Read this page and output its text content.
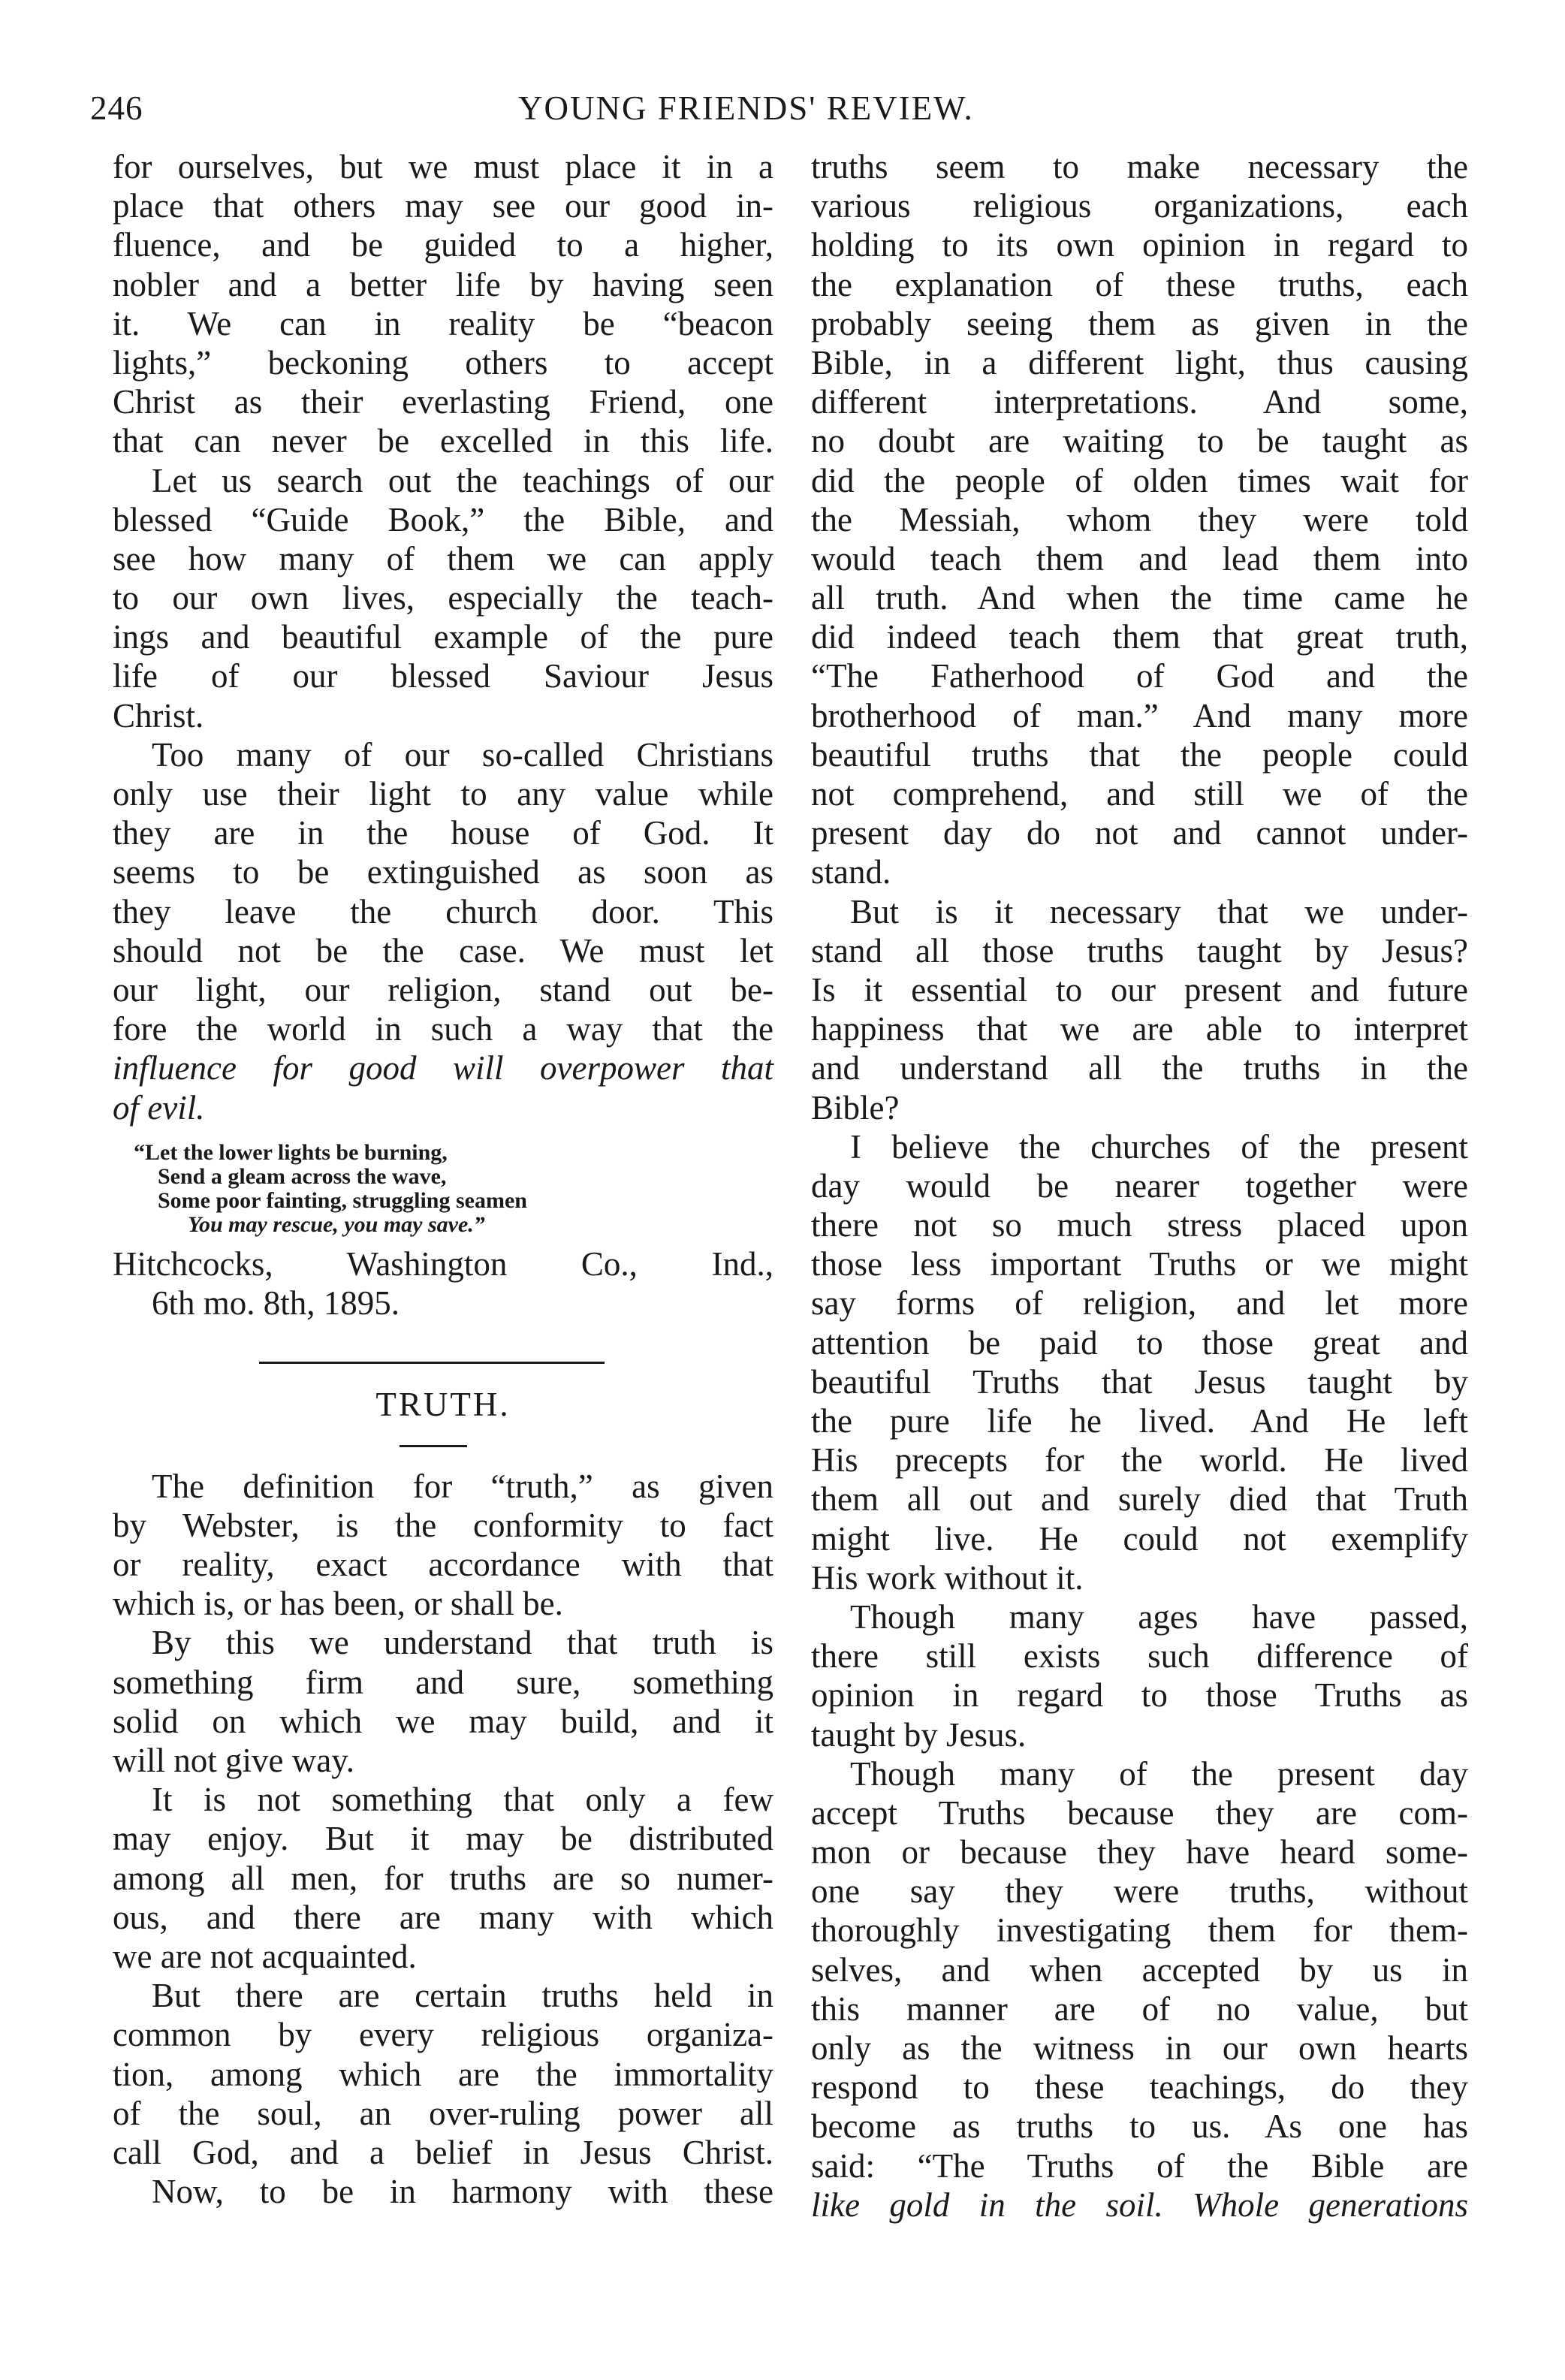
246	YOUNG FRIENDS' REVIEW.
for ourselves, but we must place it in a
place that others may see our good in-
fluence, and be guided to a higher,
nobler and a better life by having seen
it. We can in reality be “beacon
lights,” beckoning others to accept
Christ as their everlasting Friend, one
that can never be excelled in this life.
Let us search out the teachings of our
blessed “Guide Book,” the Bible, and
see how many of them we can apply
to our own lives, especially the teach-
ings and beautiful example of the pure
life of our blessed Saviour Jesus
Christ.
Too many of our so-called Christians
only use their light to any value while
they are in the house of God. It
seems to be extinguished as soon as
they leave the church door. This
should not be the case. We must let
our light, our religion, stand out be-
fore the world in such a way that the
influence for good will overpower that
of evil.
“Let the lower lights be burning,
Send a gleam across the wave,
Some poor fainting, struggling seamen
You may rescue, you may save.”
Hitchcocks, Washington Co., Ind.,
6th mo. 8th, 1895.
TRUTH.
The definition for “truth,” as given
by Webster, is the conformity to fact
or reality, exact accordance with that
which is, or has been, or shall be.
By this we understand that truth is
something firm and sure, something
solid on which we may build, and it
will not give way.
It is not something that only a few
may enjoy. But it may be distributed
among all men, for truths are so numer-
ous, and there are many with which
we are not acquainted.
But there are certain truths held in
common by every religious organiza-
tion, among which are the immortality
of the soul, an over-ruling power all
call God, and a belief in Jesus Christ.
Now, to be in harmony with these
truths seem to make necessary the
various religious organizations, each
holding to its own opinion in regard to
the explanation of these truths, each
probably seeing them as given in the
Bible, in a different light, thus causing
different interpretations. And some,
no doubt are waiting to be taught as
did the people of olden times wait for
the Messiah, whom they were told
would teach them and lead them into
all truth. And when the time came he
did indeed teach them that great truth,
“The Fatherhood of God and the
brotherhood of man.” And many more
beautiful truths that the people could
not comprehend, and still we of the
present day do not and cannot under-
stand.
But is it necessary that we under-
stand all those truths taught by Jesus?
Is it essential to our present and future
happiness that we are able to interpret
and understand all the truths in the
Bible?
I believe the churches of the present
day would be nearer together were
there not so much stress placed upon
those less important Truths or we might
say forms of religion, and let more
attention be paid to those great and
beautiful Truths that Jesus taught by
the pure life he lived. And He left
His precepts for the world. He lived
them all out and surely died that Truth
might live. He could not exemplify
His work without it.
Though many ages have passed,
there still exists such difference of
opinion in regard to those Truths as
taught by Jesus.
Though many of the present day
accept Truths because they are com-
mon or because they have heard some-
one say they were truths, without
thoroughly investigating them for them-
selves, and when accepted by us in
this manner are of no value, but
only as the witness in our own hearts
respond to these teachings, do they
become as truths to us. As one has
said: “The Truths of the Bible are
like gold in the soil. Whole generations
